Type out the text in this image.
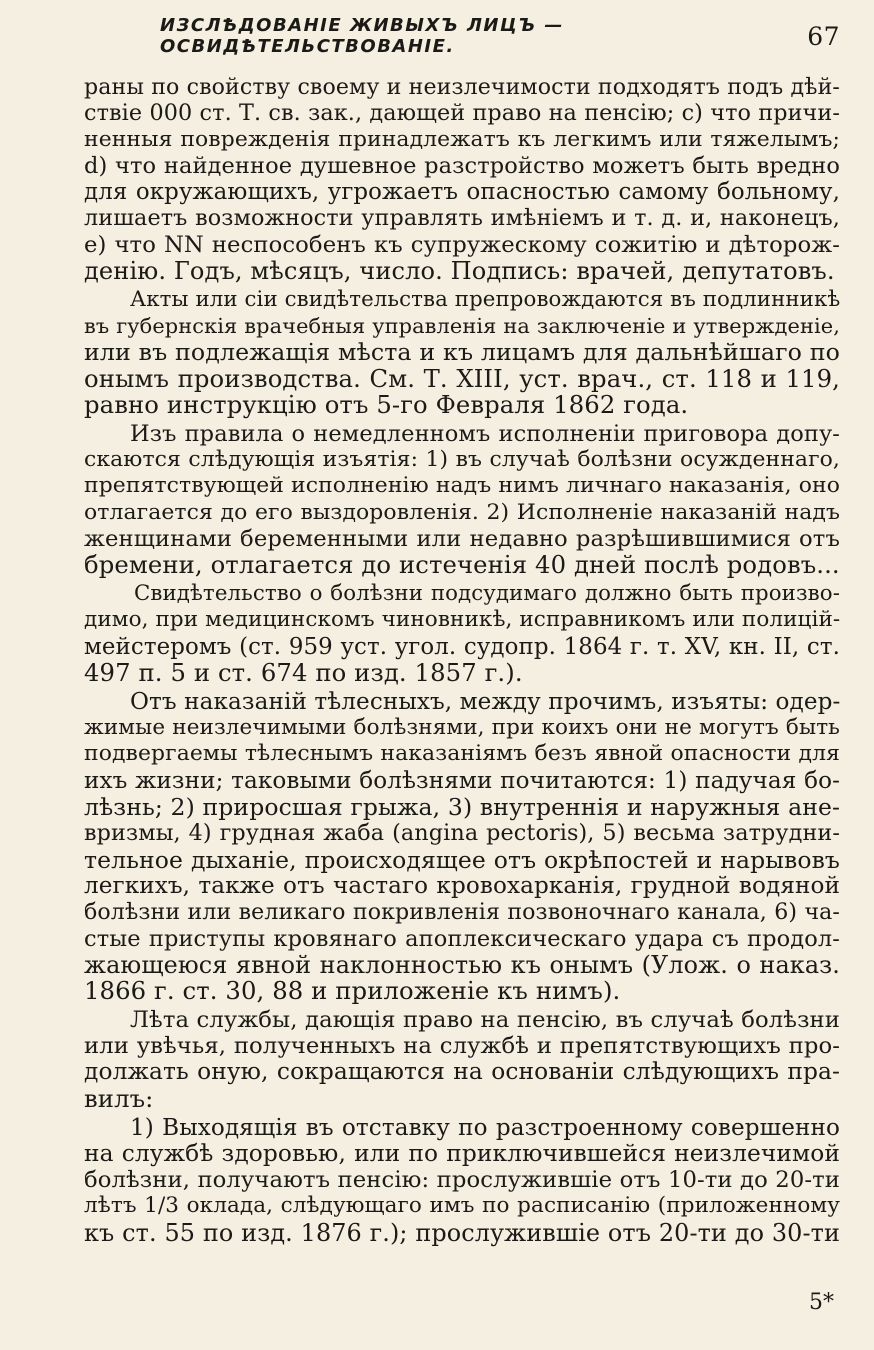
ИЗСЛѢДОВАНІЕ ЖИВЫХЪ ЛИЦЪ — ОСВИДѢТЕЛЬСТВОВАНІЕ.	67
раны по свойству своему и неизлечимости подходятъ подъ дѣй-
ствіе 000 ст. Т. св. зак., дающей право на пенсію; c) что причи-
ненныя поврежденія принадлежатъ къ легкимъ или тяжелымъ;
d) что найденное душевное разстройство можетъ быть вредно
для окружающихъ, угрожаетъ опасностью самому больному,
лишаетъ возможности управлять имѣніемъ и т. д. и, наконецъ,
e) что NN неспособенъ къ супружескому сожитію и дѣторож-
денію. Годъ, мѣсяцъ, число. Подпись: врачей, депутатовъ.
Акты или сіи свидѣтельства препровождаются въ подлинникѣ
въ губернскія врачебныя управленія на заключеніе и утвержденіе,
или въ подлежащія мѣста и къ лицамъ для дальнѣйшаго по
онымъ производства. См. Т. XIII, уст. врач., ст. 118 и 119,
равно инструкцію отъ 5-го Февраля 1862 года.
Изъ правила о немедленномъ исполненіи приговора допу-
скаются слѣдующія изъятія: 1) въ случаѣ болѣзни осужденнаго,
препятствующей исполненію надъ нимъ личнаго наказанія, оно
отлагается до его выздоровленія. 2) Исполненіе наказаній надъ
женщинами беременными или недавно разрѣшившимися отъ
бремени, отлагается до истеченія 40 дней послѣ родовъ...
Свидѣтельство о болѣзни подсудимаго должно быть произво-
димо, при медицинскомъ чиновникѣ, исправникомъ или полицій-
мейстеромъ (ст. 959 уст. угол. судопр. 1864 г. т. XV, кн. II, ст.
497 п. 5 и ст. 674 по изд. 1857 г.).
Отъ наказаній тѣлесныхъ, между прочимъ, изъяты: одер-
жимые неизлечимыми болѣзнями, при коихъ они не могутъ быть
подвергаемы тѣлеснымъ наказаніямъ безъ явной опасности для
ихъ жизни; таковыми болѣзнями почитаются: 1) падучая бо-
лѣзнь; 2) приросшая грыжа, 3) внутреннія и наружныя ане-
вризмы, 4) грудная жаба (angina pectoris), 5) весьма затрудни-
тельное дыханіе, происходящее отъ окрѣпостей и нарывовъ
легкихъ, также отъ частаго кровохарканія, грудной водяной
болѣзни или великаго покривленія позвоночнаго канала, 6) ча-
стые приступы кровянаго апоплексическаго удара съ продол-
жающеюся явной наклонностью къ онымъ (Улож. о наказ.
1866 г. ст. 30, 88 и приложеніе къ нимъ).
Лѣта службы, дающія право на пенсію, въ случаѣ болѣзни
или увѣчья, полученныхъ на службѣ и препятствующихъ про-
должать оную, сокращаются на основаніи слѣдующихъ пра-
вилъ:
1) Выходящія въ отставку по разстроенному совершенно
на службѣ здоровью, или по приключившейся неизлечимой
болѣзни, получаютъ пенсію: прослужившіе отъ 10-ти до 20-ти
лѣтъ 1/3 оклада, слѣдующаго имъ по расписанію (приложенному
къ ст. 55 по изд. 1876 г.); прослужившіе отъ 20-ти до 30-ти
5*
